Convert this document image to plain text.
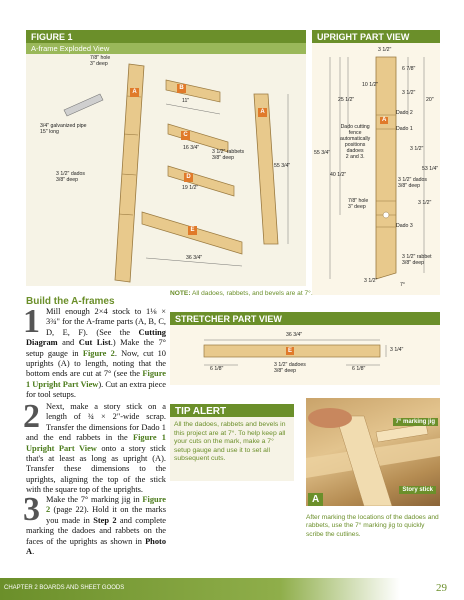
FIGURE 1
A-frame Exploded View
7/8" hole
3" deep
3/4" galvanized pipe
15" long
3 1/2" dados
3/8" deep
11"
16 3/4"
19 1/2"
36 3/4"
55 3/4"
3 1/2" rabbets
3/8" deep
A
B
C
D
E
A
UPRIGHT PART VIEW
3 1/2"
6 7/8"
10 1/2"
25 1/2"
3 1/2"
20"
Dado 2
Dado 1
Dado cutting
fence
automatically
positions
dadoes
2 and 3.
A
3 1/2"
55 3/4"
40 1/2"
53 1/4"
3 1/2" dados
3/8" deep
3 1/2"
7/8" hole
3" deep
Dado 3
3 1/2" rabbet
3/8" deep
3 1/2"
7°
NOTE: All dadoes, rabbets, and bevels are at 7°.
Build the A-frames
1 Mill enough 2×4 stock to 1⅛ × 3¾" for the A-frame parts (A, B, C, D, E, F). (See the Cutting Diagram and Cut List.) Make the 7° setup gauge in Figure 2. Now, cut 10 uprights (A) to length, noting that the bottom ends are cut at 7° (see the Figure 1 Upright Part View). Cut an extra piece for tool setups.
2 Next, make a story stick on a length of ¾ × 2"-wide scrap. Transfer the dimensions for Dado 1 and the end rabbets in the Figure 1 Upright Part View onto a story stick that's at least as long as upright (A). Transfer these dimensions to the uprights, aligning the top of the stick with the square top of the uprights.
3 Make the 7° marking jig in Figure 2 (page 22). Hold it on the marks you made in Step 2 and complete marking the dadoes and rabbets on the faces of the uprights as shown in Photo A.
STRETCHER PART VIEW
36 3/4"
6 1/8"	6 1/8"
3 1/2" dadoes
3/8" deep
3 1/4"
E
TIP ALERT
All the dadoes, rabbets and bevels in this project are at 7°. To help keep all your cuts on the mark, make a 7° setup gauge and use it to set all subsequent cuts.
7° marking jig
Story stick
A
After marking the locations of the dadoes and rabbets, use the 7° marking jig to quickly scribe the cutlines.
CHAPTER 2 BOARDS AND SHEET GOODS	29
